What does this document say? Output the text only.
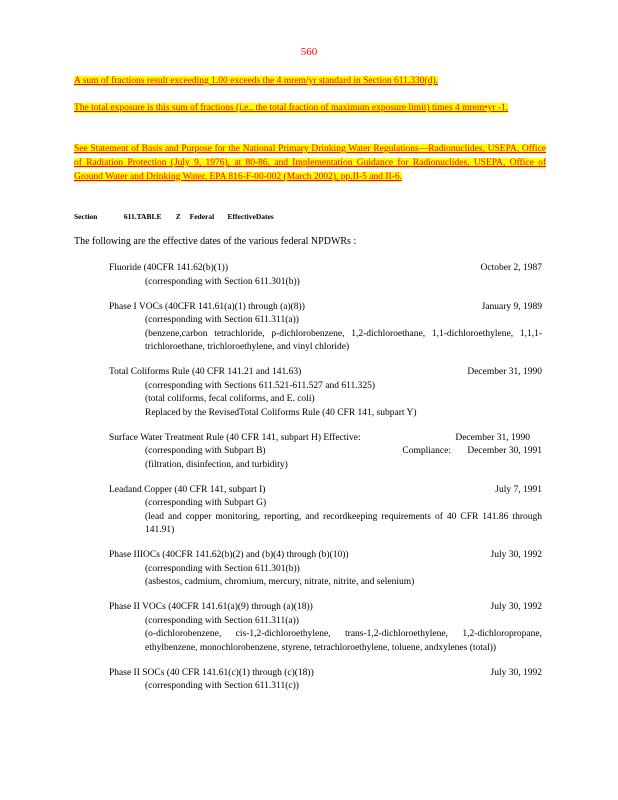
560
A sum of fractions result exceeding 1.00 exceeds the 4 mrem/yr standard in Section 611.330(d).
The total exposure is this sum of fractions (i.e., the total fraction of maximum exposure limit) times 4 mrem•yr -1.

See Statement of Basis and Purpose for the National Primary Drinking Water Regulations—Radionuclides, USEPA, Office of Radiation Protection (July 9, 1976), at 80-86, and Implementation Guidance for Radionuclides, USEPA, Office of Ground Water and Drinking Water, EPA 816-F-00-002 (March 2002), pp.II-5 and II-6.

Section	611.TABLE Z Federal EffectiveDates
The following are the effective dates of the various federal NPDWRs :
Fluoride (40CFR 141.62(b)(1))	October 2, 1987
(corresponding with Section 611.301(b))
Phase I VOCs (40CFR 141.61(a)(1) through (a)(8))	January 9, 1989
(corresponding with Section 611.311(a))
(benzene,carbon tetrachloride, p-dichlorobenzene, 1,2-dichloroethane, 1,1-dichloroethylene, 1,1,1-trichloroethane, trichloroethylene, and vinyl chloride)
Total Coliforms Rule (40 CFR 141.21 and 141.63)	December 31, 1990
(corresponding with Sections 611.521-611.527 and 611.325)
(total coliforms, fecal coliforms, and E. coli)
Replaced by the RevisedTotal Coliforms Rule (40 CFR 141, subpart Y)
Surface Water Treatment Rule (40 CFR 141, subpart H) Effective:	December 31, 1990
(corresponding with Subpart B)	Compliance: December 30, 1991
(filtration, disinfection, and turbidity)
Leadand Copper (40 CFR 141, subpart I)	July 7, 1991
(corresponding with Subpart G)
(lead and copper monitoring, reporting, and recordkeeping requirements of 40 CFR 141.86 through 141.91)
Phase IIIOCs (40CFR 141.62(b)(2) and (b)(4) through (b)(10))	July 30, 1992
(corresponding with Section 611.301(b))
(asbestos, cadmium, chromium, mercury, nitrate, nitrite, and selenium)
Phase II VOCs (40CFR 141.61(a)(9) through (a)(18))	July 30, 1992
(corresponding with Section 611.311(a))
(o-dichlorobenzene, cis-1,2-dichloroethylene, trans-1,2-dichloroethylene, 1,2-dichloropropane, ethylbenzene, monochlorobenzene, styrene, tetrachloroethylene, toluene, andxylenes (total))
Phase II SOCs (40 CFR 141.61(c)(1) through (c)(18))	July 30, 1992
(corresponding with Section 611.311(c))
